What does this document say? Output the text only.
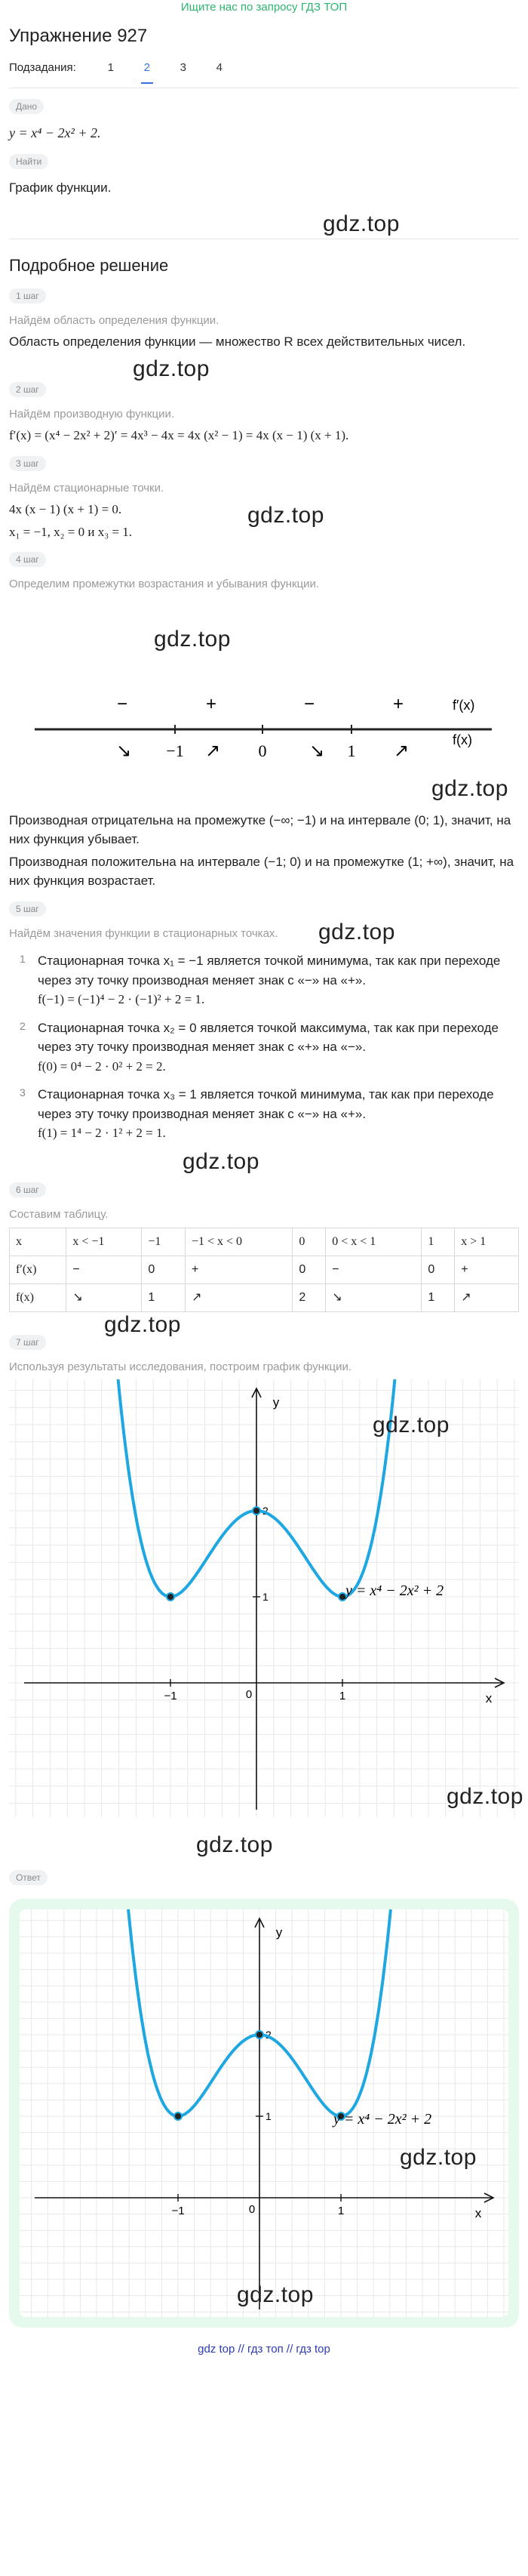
Ищите нас по запросу ГДЗ ТОП
Упражнение 927
Подзадания:	1	2	3	4
Дано

y = x⁴ − 2x² + 2.

Найти

График функции.

gdz.top
Подробное решение
1 шаг

Найдём область определения функции.

Область определения функции — множество R всех действительных чисел.

gdz.top
2 шаг

Найдём производную функции.

f′(x) = (x⁴ − 2x² + 2)′ = 4x³ − 4x = 4x (x² − 1) = 4x (x − 1) (x + 1).

3 шаг

Найдём стационарные точки.

4x (x − 1) (x + 1) = 0.

x₁ = −1, x₂ = 0 и x₃ = 1.

gdz.top
4 шаг

Определим промежутки возрастания и убывания функции.

gdz.top
−1	0	1
−	+	−	+
↘	↗	↘	↗
f′(x)
f(x)
gdz.top

Производная отрицательна на промежутке (−∞; −1) и на интервале (0; 1), значит, на них функция убывает.

Производная положительна на интервале (−1; 0) и на промежутке (1; +∞), значит, на них функция возрастает.

5 шаг

Найдём значения функции в стационарных точках.	gdz.top
1 Стационарная точка x₁ = −1 является точкой минимума, так как при переходе через эту точку производная меняет знак с «−» на «+».
f(−1) = (−1)⁴ − 2 · (−1)² + 2 = 1.
2 Стационарная точка x₂ = 0 является точкой максимума, так как при переходе через эту точку производная меняет знак с «+» на «−».
f(0) = 0⁴ − 2 · 0² + 2 = 2.
3 Стационарная точка x₃ = 1 является точкой минимума, так как при переходе через эту точку производная меняет знак с «−» на «+».
f(1) = 1⁴ − 2 · 1² + 2 = 1.
gdz.top
6 шаг

Составим таблицу.

x	x < −1	−1	−1 < x < 0	0	0 < x < 1	1	x > 1
f′(x)	−	0	+	0	−	0	+
f(x)	↘	1	↗	2	↘	1	↗
gdz.top
7 шаг

Используя результаты исследования, построим график функции.

x
y
0
−1	1
1
2
y = x⁴ − 2x² + 2
gdz.top
gdz.top
gdz.top
Ответ
x
y
0
−1	1
1
2
y = x⁴ − 2x² + 2
gdz.top
gdz.top
gdz top // гдз топ // гдз top
